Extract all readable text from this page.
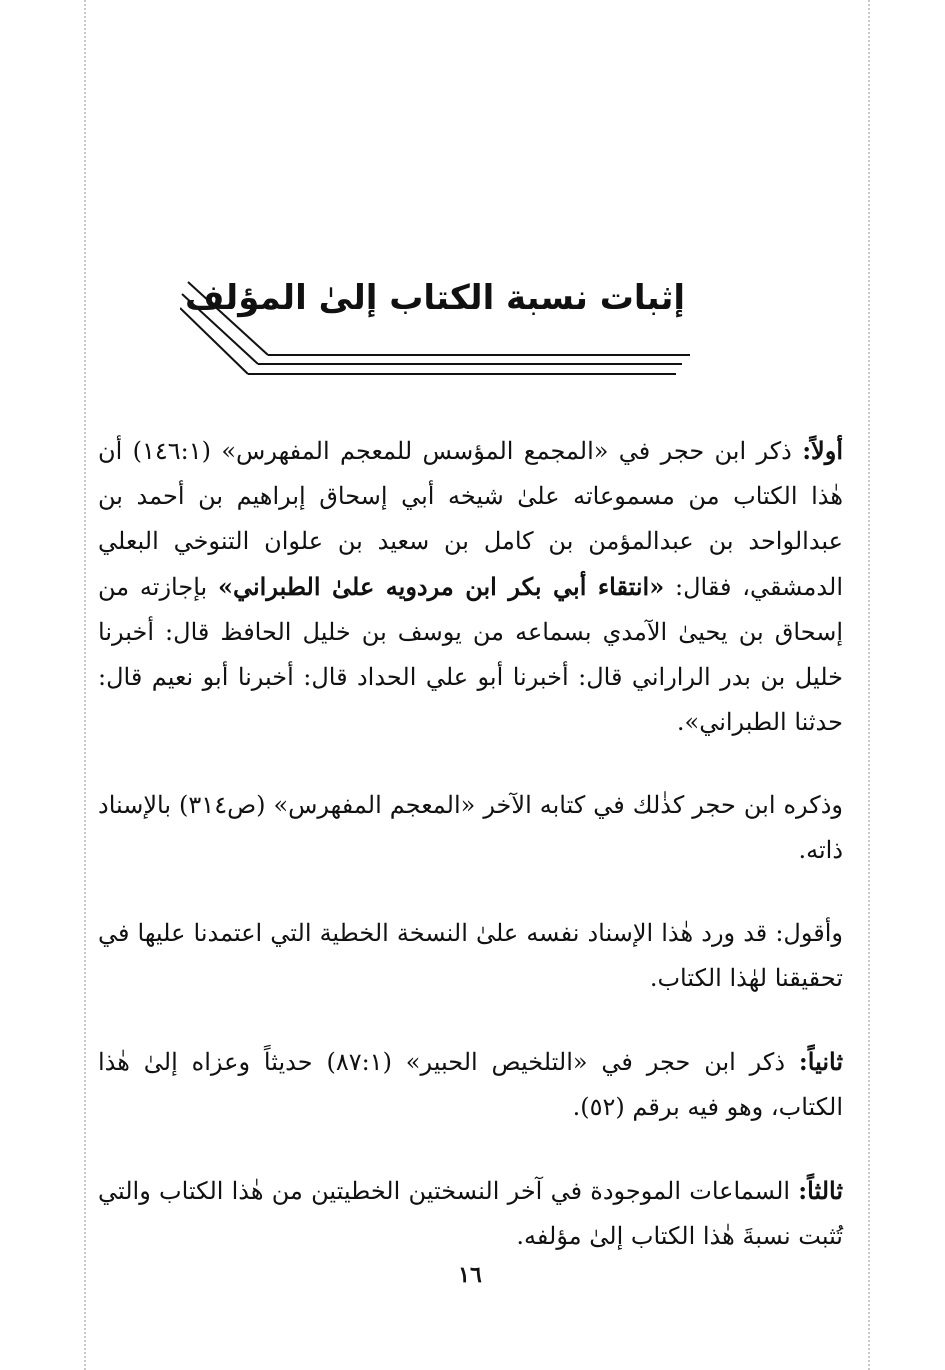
إثبات نسبة الكتاب إلىٰ المؤلف

أولاً: ذكر ابن حجر في «المجمع المؤسس للمعجم المفهرس» (١٤٦:١) أن هٰذا الكتاب من مسموعاته علىٰ شيخه أبي إسحاق إبراهيم بن أحمد بن عبدالواحد بن عبدالمؤمن بن كامل بن سعيد بن علوان التنوخي البعلي الدمشقي، فقال: «انتقاء أبي بكر ابن مردويه علىٰ الطبراني» بإجازته من إسحاق بن يحيىٰ الآمدي بسماعه من يوسف بن خليل الحافظ قال: أخبرنا خليل بن بدر الراراني قال: أخبرنا أبو علي الحداد قال: أخبرنا أبو نعيم قال: حدثنا الطبراني».

وذكره ابن حجر كذٰلك في كتابه الآخر «المعجم المفهرس» (ص٣١٤) بالإسناد ذاته.

وأقول: قد ورد هٰذا الإسناد نفسه علىٰ النسخة الخطية التي اعتمدنا عليها في تحقيقنا لهٰذا الكتاب.

ثانياً: ذكر ابن حجر في «التلخيص الحبير» (٨٧:١) حديثاً وعزاه إلىٰ هٰذا الكتاب، وهو فيه برقم (٥٢).

ثالثاً: السماعات الموجودة في آخر النسختين الخطيتين من هٰذا الكتاب والتي تُثبت نسبةَ هٰذا الكتاب إلىٰ مؤلفه.

١٦
